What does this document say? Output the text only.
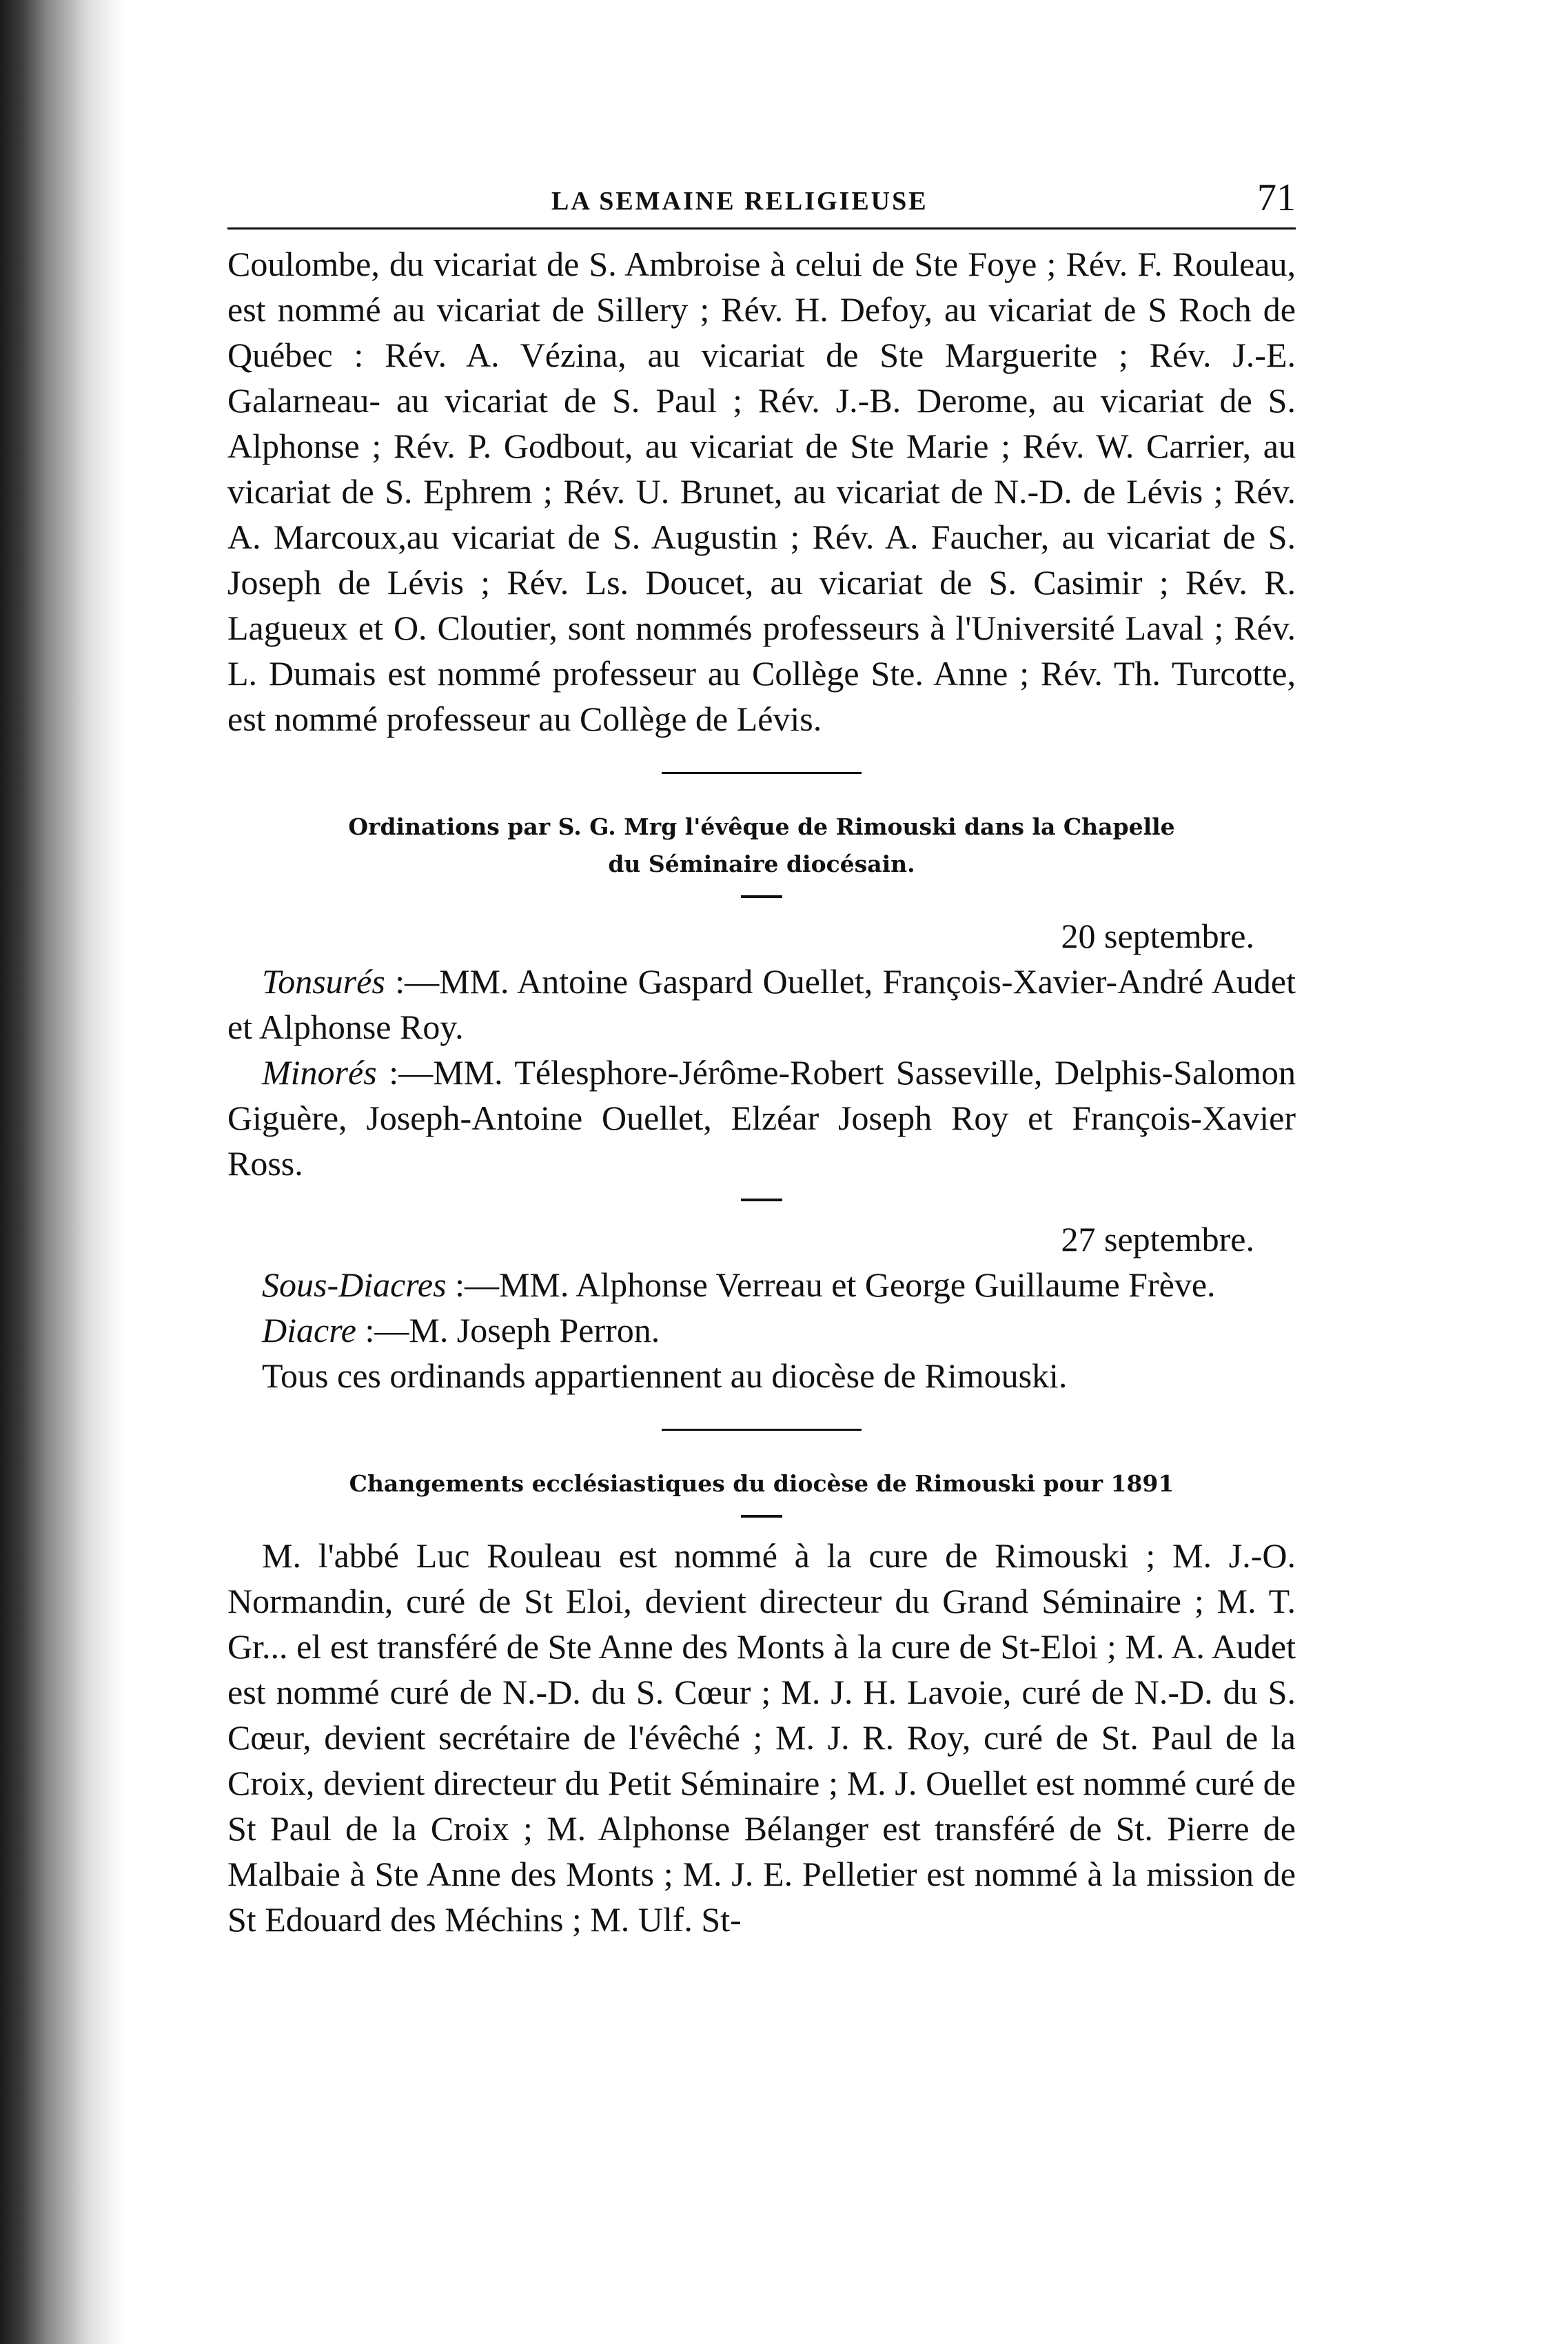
LA SEMAINE RELIGIEUSE	71

Coulombe, du vicariat de S. Ambroise à celui de Ste Foye ; Rév. F. Rouleau, est nommé au vicariat de Sillery ; Rév. H. Defoy, au vicariat de S Roch de Québec : Rév. A. Vézina, au vicariat de Ste Marguerite ; Rév. J.-E. Galarneau- au vicariat de S. Paul ; Rév. J.-B. Derome, au vicariat de S. Alphonse ; Rév. P. Godbout, au vicariat de Ste Marie ; Rév. W. Carrier, au vicariat de S. Ephrem ; Rév. U. Brunet, au vicariat de N.-D. de Lévis ; Rév. A. Marcoux,au vicariat de S. Augustin ; Rév. A. Faucher, au vicariat de S. Joseph de Lévis ; Rév. Ls. Doucet, au vicariat de S. Casimir ; Rév. R. Lagueux et O. Cloutier, sont nommés professeurs à l'Université Laval ; Rév. L. Dumais est nommé professeur au Collège Ste. Anne ; Rév. Th. Turcotte, est nommé professeur au Collège de Lévis.

Ordinations par S. G. Mrg l'évêque de Rimouski dans la Chapelle

du Séminaire diocésain.

20 septembre.

Tonsurés :—MM. Antoine Gaspard Ouellet, François-Xavier-André Audet et Alphonse Roy.

Minorés :—MM. Télesphore-Jérôme-Robert Sasseville, Delphis-Salomon Giguère, Joseph-Antoine Ouellet, Elzéar Joseph Roy et François-Xavier Ross.

27 septembre.

Sous-Diacres :—MM. Alphonse Verreau et George Guillaume Frève.

Diacre :—M. Joseph Perron.

Tous ces ordinands appartiennent au diocèse de Rimouski.

Changements ecclésiastiques du diocèse de Rimouski pour 1891

M. l'abbé Luc Rouleau est nommé à la cure de Rimouski ; M. J.-O. Normandin, curé de St Eloi, devient directeur du Grand Séminaire ; M. T. Gr... el est transféré de Ste Anne des Monts à la cure de St-Eloi ; M. A. Audet est nommé curé de N.-D. du S. Cœur ; M. J. H. Lavoie, curé de N.-D. du S. Cœur, devient secrétaire de l'évêché ; M. J. R. Roy, curé de St. Paul de la Croix, devient directeur du Petit Séminaire ; M. J. Ouellet est nommé curé de St Paul de la Croix ; M. Alphonse Bélanger est transféré de St. Pierre de Malbaie à Ste Anne des Monts ; M. J. E. Pelletier est nommé à la mission de St Edouard des Méchins ; M. Ulf. St-
